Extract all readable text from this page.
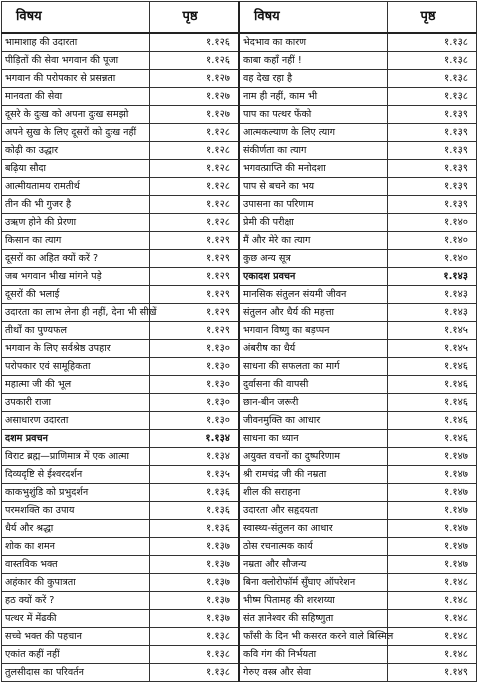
विषय	पृष्ठ	विषय	पृष्ठ
भामाशाह की उदारता	१.१२६	भेदभाव का कारण	१.१३८
पीड़ितों की सेवा भगवान की पूजा	१.१२६	काबा कहाँ नहीं !	१.१३८
भगवान की परोपकार से प्रसन्नता	१.१२७	वह देख रहा है	१.१३८
मानवता की सेवा	१.१२७	नाम ही नहीं, काम भी	१.१३८
दूसरे के दुःख को अपना दुःख समझो	१.१२७	पाप का पत्थर फेंको	१.१३९
अपने सुख के लिए दूसरों को दुःख नहीं	१.१२८	आत्मकल्याण के लिए त्याग	१.१३९
कोढ़ी का उद्धार	१.१२८	संकीर्णता का त्याग	१.१३९
बढ़िया सौदा	१.१२८	भगवत्प्राप्ति की मनोदशा	१.१३९
आत्मीयतामय रामतीर्थ	१.१२८	पाप से बचने का भय	१.१३९
तीन की भी गुजर है	१.१२८	उपासना का परिणाम	१.१३९
उऋण होने की प्रेरणा	१.१२८	प्रेमी की परीक्षा	१.१४०
किसान का त्याग	१.१२९	मैं और मेरे का त्याग	१.१४०
दूसरों का अहित क्यों करें ?	१.१२९	कुछ अन्य सूत्र	१.१४०
जब भगवान भीख मांगने पड़े	१.१२९	एकादश प्रवचन	१.१४३
दूसरों की भलाई	१.१२९	मानसिक संतुलन संयमी जीवन	१.१४३
उदारता का लाभ लेना ही नहीं, देना भी सीखें	१.१२९	संतुलन और धैर्य की महत्ता	१.१४३
तीर्थों का पुण्यफल	१.१२९	भगवान विष्णु का बड़प्पन	१.१४५
भगवान के लिए सर्वश्रेष्ठ उपहार	१.१३०	अंबरीष का धैर्य	१.१४५
परोपकार एवं सामूहिकता	१.१३०	साधना की सफलता का मार्ग	१.१४६
महात्मा जी की भूल	१.१३०	दुर्वासना की वापसी	१.१४६
उपकारी राजा	१.१३०	छान-बीन जरूरी	१.१४६
असाधारण उदारता	१.१३०	जीवनमुक्ति का आधार	१.१४६
दशम प्रवचन	१.१३४	साधना का ध्यान	१.१४६
विराट ब्रह्म—प्राणिमात्र में एक आत्मा	१.१३४	अयुक्त वचनों का दुष्परिणाम	१.१४७
दिव्यदृष्टि से ईश्वरदर्शन	१.१३५	श्री रामचंद्र जी की नम्रता	१.१४७
काकभुशुंडि को प्रभुदर्शन	१.१३६	शील की सराहना	१.१४७
परमशक्ति का उपाय	१.१३६	उदारता और सहृदयता	१.१४७
धैर्य और श्रद्धा	१.१३६	स्वास्थ्य-संतुलन का आधार	१.१४७
शोक का शमन	१.१३७	ठोस रचनात्मक कार्य	१.१४७
वास्तविक भक्त	१.१३७	नम्रता और सौजन्य	१.१४७
अहंकार की कुपात्रता	१.१३७	बिना क्लोरोफॉर्म सुँघाए ऑपरेशन	१.१४८
हठ क्यों करें ?	१.१३७	भीष्म पितामह की शरशय्या	१.१४८
पत्थर में मेंढकी	१.१३७	संत ज्ञानेश्वर की सहिष्णुता	१.१४८
सच्चे भक्त की पहचान	१.१३८	फाँसी के दिन भी कसरत करने वाले बिस्मिल	१.१४८
एकांत कहीं नहीं	१.१३८	कवि गंग की निर्भयता	१.१४८
तुलसीदास का परिवर्तन	१.१३८	गेरुए वस्त्र और सेवा	१.१४९
